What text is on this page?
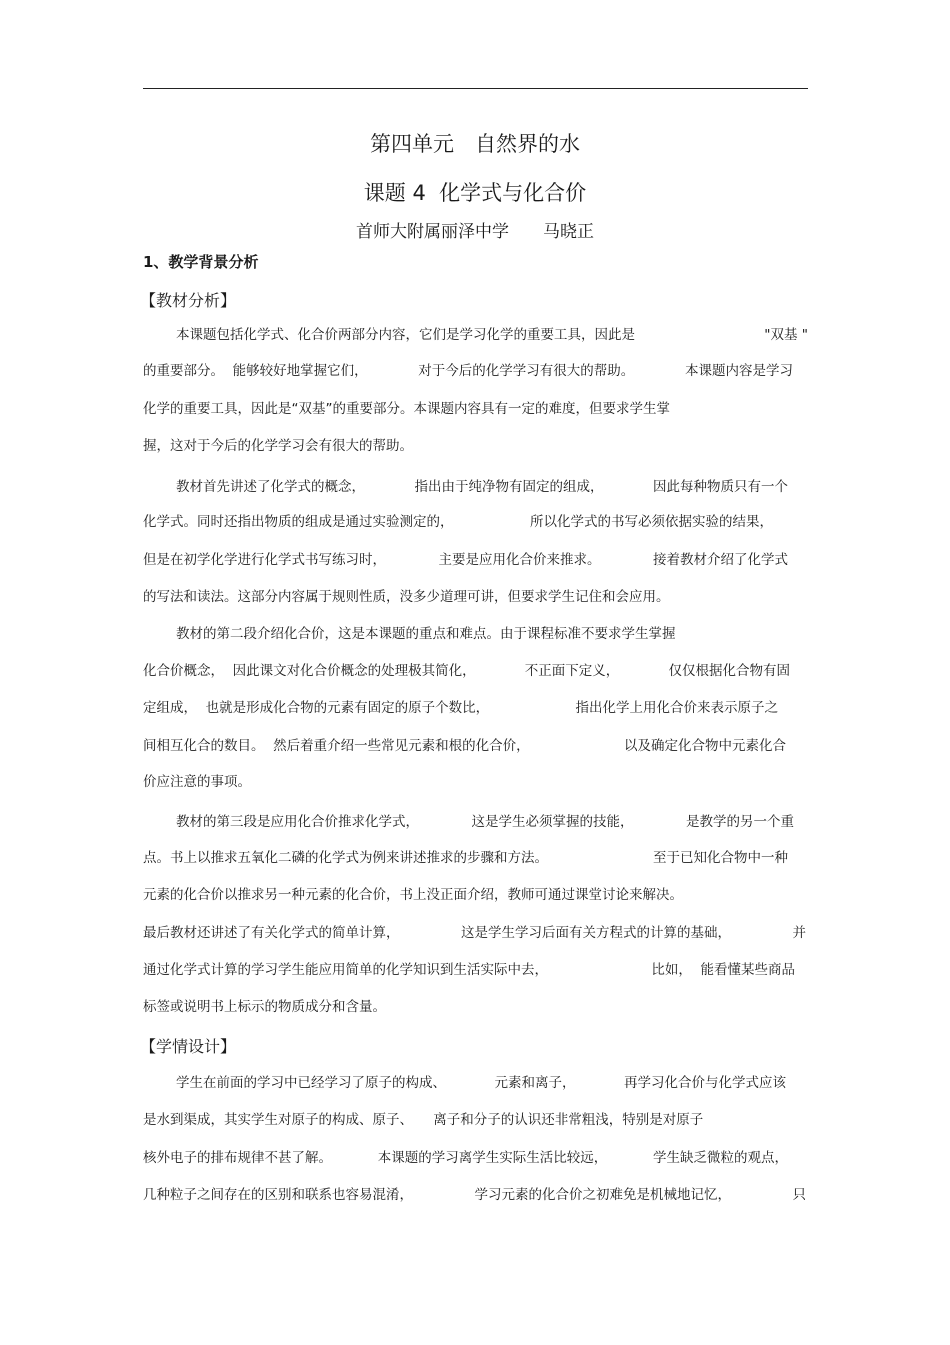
第四单元　自然界的水
课题 4  化学式与化合价
首师大附属丽泽中学　　马晓正
1、教学背景分析
【教材分析】
本课题包括化学式、化合价两部分内容，它们是学习化学的重要工具，因此是	"双基 "
的重要部分。  能够较好地掌握它们，	对于今后的化学学习有很大的帮助。	本课题内容是学习
化学的重要工具，因此是“双基”的重要部分。本课题内容具有一定的难度，但要求学生掌
握，这对于今后的化学学习会有很大的帮助。
教材首先讲述了化学式的概念，	指出由于纯净物有固定的组成，	因此每种物质只有一个
化学式。同时还指出物质的组成是通过实验测定的，	所以化学式的书写必须依据实验的结果，
但是在初学化学进行化学式书写练习时，	主要是应用化合价来推求。	接着教材介绍了化学式
的写法和读法。这部分内容属于规则性质，没多少道理可讲，但要求学生记住和会应用。
教材的第二段介绍化合价，这是本课题的重点和难点。由于课程标准不要求学生掌握
化合价概念，  因此课文对化合价概念的处理极其简化，	不正面下定义，	仅仅根据化合物有固
定组成，  也就是形成化合物的元素有固定的原子个数比，	指出化学上用化合价来表示原子之
间相互化合的数目。  然后着重介绍一些常见元素和根的化合价，	以及确定化合物中元素化合
价应注意的事项。
教材的第三段是应用化合价推求化学式，	这是学生必须掌握的技能，	是教学的另一个重
点。书上以推求五氧化二磷的化学式为例来讲述推求的步骤和方法。	至于已知化合物中一种
元素的化合价以推求另一种元素的化合价，书上没正面介绍，教师可通过课堂讨论来解决。
最后教材还讲述了有关化学式的简单计算，	这是学生学习后面有关方程式的计算的基础，	并
通过化学式计算的学习学生能应用简单的化学知识到生活实际中去，	比如，  能看懂某些商品
标签或说明书上标示的物质成分和含量。
【学情设计】
学生在前面的学习中已经学习了原子的构成、	元素和离子，	再学习化合价与化学式应该
是水到渠成，其实学生对原子的构成、原子、　　离子和分子的认识还非常粗浅，特别是对原子
核外电子的排布规律不甚了解。	本课题的学习离学生实际生活比较远，	学生缺乏微粒的观点，
几种粒子之间存在的区别和联系也容易混淆，	学习元素的化合价之初难免是机械地记忆，	只
